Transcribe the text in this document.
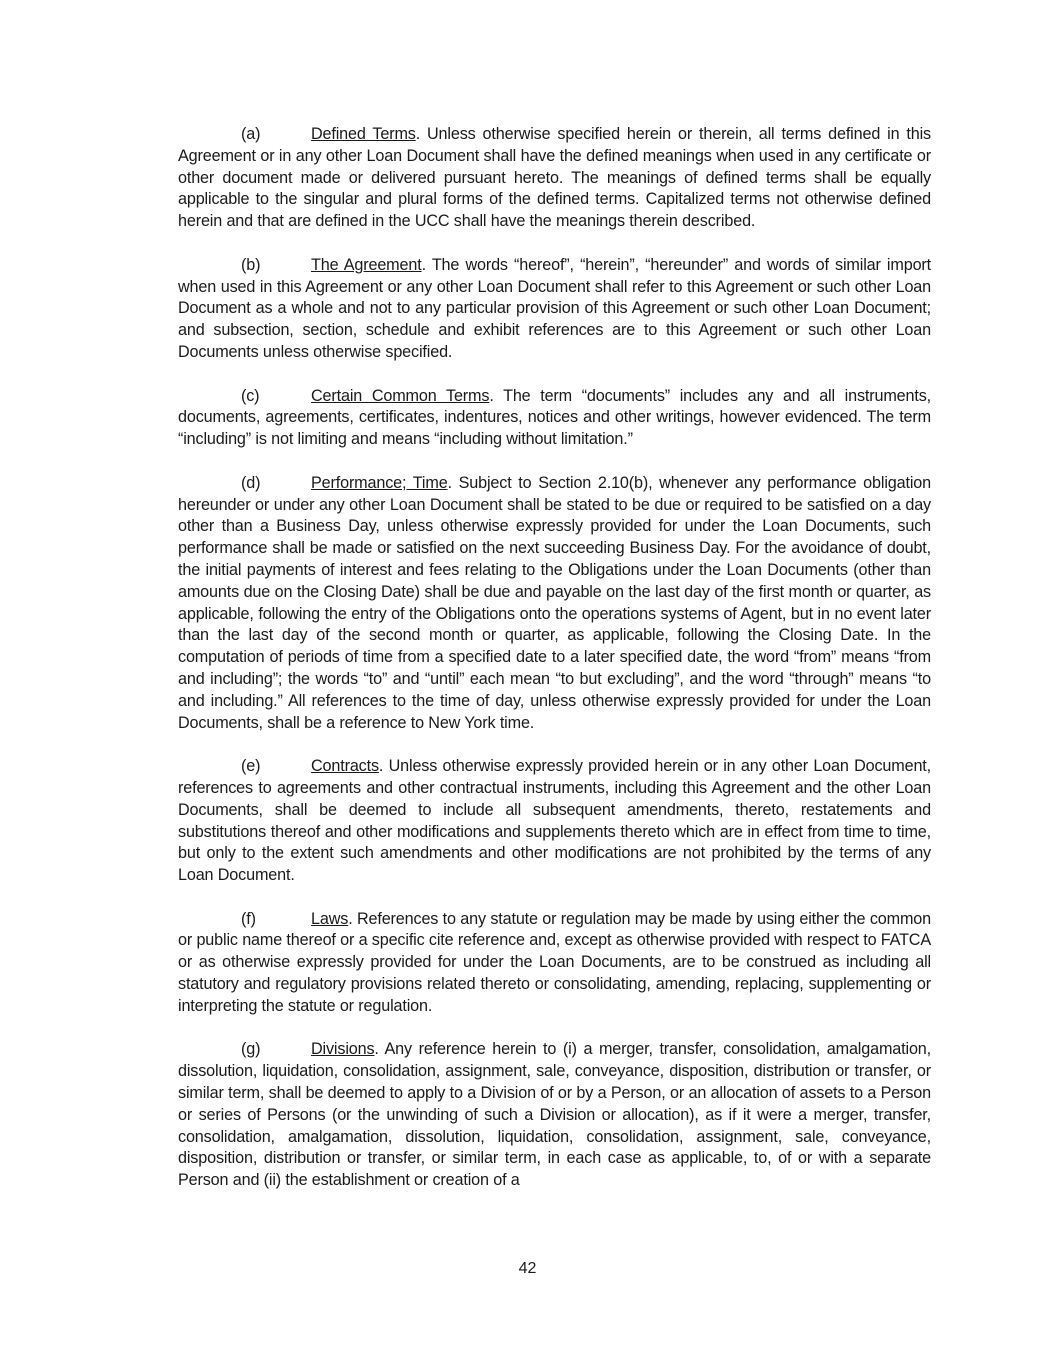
(a)	Defined Terms. Unless otherwise specified herein or therein, all terms defined in this Agreement or in any other Loan Document shall have the defined meanings when used in any certificate or other document made or delivered pursuant hereto. The meanings of defined terms shall be equally applicable to the singular and plural forms of the defined terms. Capitalized terms not otherwise defined herein and that are defined in the UCC shall have the meanings therein described.

(b)	The Agreement. The words “hereof”, “herein”, “hereunder” and words of similar import when used in this Agreement or any other Loan Document shall refer to this Agreement or such other Loan Document as a whole and not to any particular provision of this Agreement or such other Loan Document; and subsection, section, schedule and exhibit references are to this Agreement or such other Loan Documents unless otherwise specified.

(c)	Certain Common Terms. The term “documents” includes any and all instruments, documents, agreements, certificates, indentures, notices and other writings, however evidenced. The term “including” is not limiting and means “including without limitation.”

(d)	Performance; Time. Subject to Section 2.10(b), whenever any performance obligation hereunder or under any other Loan Document shall be stated to be due or required to be satisfied on a day other than a Business Day, unless otherwise expressly provided for under the Loan Documents, such performance shall be made or satisfied on the next succeeding Business Day. For the avoidance of doubt, the initial payments of interest and fees relating to the Obligations under the Loan Documents (other than amounts due on the Closing Date) shall be due and payable on the last day of the first month or quarter, as applicable, following the entry of the Obligations onto the operations systems of Agent, but in no event later than the last day of the second month or quarter, as applicable, following the Closing Date. In the computation of periods of time from a specified date to a later specified date, the word “from” means “from and including”; the words “to” and “until” each mean “to but excluding”, and the word “through” means “to and including.” All references to the time of day, unless otherwise expressly provided for under the Loan Documents, shall be a reference to New York time.

(e)	Contracts. Unless otherwise expressly provided herein or in any other Loan Document, references to agreements and other contractual instruments, including this Agreement and the other Loan Documents, shall be deemed to include all subsequent amendments, thereto, restatements and substitutions thereof and other modifications and supplements thereto which are in effect from time to time, but only to the extent such amendments and other modifications are not prohibited by the terms of any Loan Document.

(f)	Laws. References to any statute or regulation may be made by using either the common or public name thereof or a specific cite reference and, except as otherwise provided with respect to FATCA or as otherwise expressly provided for under the Loan Documents, are to be construed as including all statutory and regulatory provisions related thereto or consolidating, amending, replacing, supplementing or interpreting the statute or regulation.

(g)	Divisions. Any reference herein to (i) a merger, transfer, consolidation, amalgamation, dissolution, liquidation, consolidation, assignment, sale, conveyance, disposition, distribution or transfer, or similar term, shall be deemed to apply to a Division of or by a Person, or an allocation of assets to a Person or series of Persons (or the unwinding of such a Division or allocation), as if it were a merger, transfer, consolidation, amalgamation, dissolution, liquidation, consolidation, assignment, sale, conveyance, disposition, distribution or transfer, or similar term, in each case as applicable, to, of or with a separate Person and (ii) the establishment or creation of a

42
